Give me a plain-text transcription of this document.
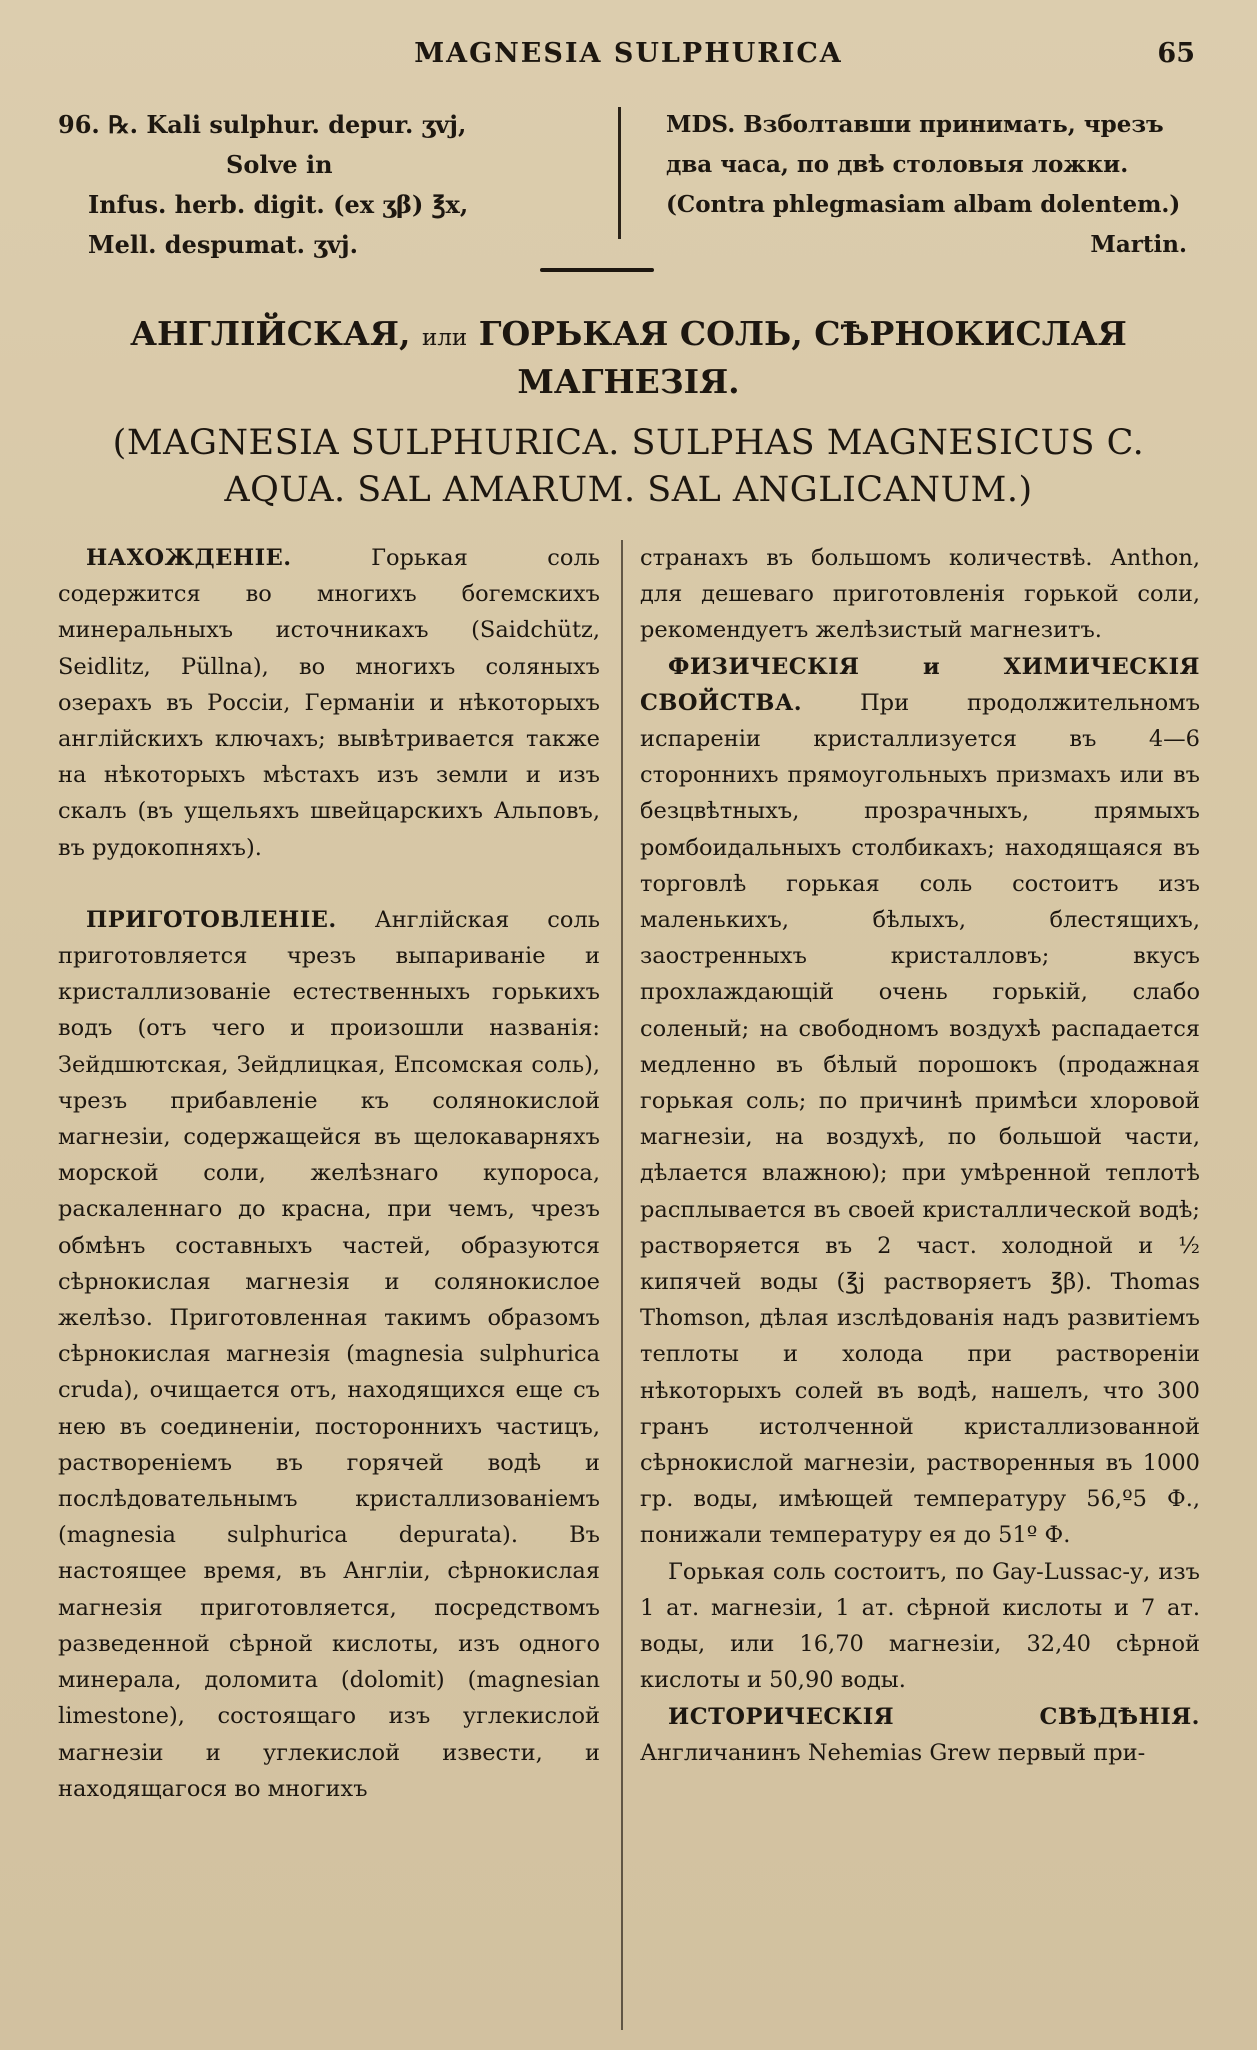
MAGNESIA SULPHURICA	65
96. ℞. Kali sulphur. depur. ʒvj,
Solve in
Infus. herb. digit. (ex ʒβ) ℥x,
Mell. despumat. ʒvj.
MDS. Взболтавши принимать, чрезъ
два часа, по двѣ столовыя ложки.
(Contra phlegmasiam albam dolentem.)
Martin.
АНГЛІЙСКАЯ, или ГОРЬКАЯ СОЛЬ, СѢРНОКИСЛАЯ МАГНЕЗІЯ.
(MAGNESIA SULPHURICA. SULPHAS MAGNESICUS C. AQUA. SAL AMARUM. SAL ANGLICANUM.)

НАХОЖДЕНІЕ.	Горькая соль содержится во многихъ богемскихъ минеральныхъ источникахъ (Saidchütz, Seidlitz, Püllna), во многихъ соляныхъ озерахъ въ Россіи, Германіи и нѣкоторыхъ англійскихъ ключахъ; вывѣтривается также на нѣкоторыхъ мѣстахъ изъ земли и изъ скалъ (въ ущельяхъ швейцарскихъ Альповъ, въ рудокопняхъ).

ПРИГОТОВЛЕНІЕ. Англійская соль приготовляется чрезъ выпариваніе и кристаллизованіе естественныхъ горькихъ водъ (отъ чего и произошли названія: Зейдшютская, Зейдлицкая, Епсомская соль), чрезъ прибавленіе къ солянокислой магнезіи, содержащейся въ щелокаварняхъ морской соли, желѣзнаго купороса, раскаленнаго до красна, при чемъ, чрезъ обмѣнъ составныхъ частей, образуются сѣрнокислая магнезія и солянокислое желѣзо. Приготовленная такимъ образомъ сѣрнокислая магнезія (magnesia sulphurica cruda), очищается отъ, находящихся еще съ нею въ соединеніи, постороннихъ частицъ, раствореніемъ въ горячей водѣ и послѣдовательнымъ кристаллизованіемъ (magnesia sulphurica depurata). Въ настоящее время, въ Англіи, сѣрнокислая магнезія приготовляется, посредствомъ разведенной сѣрной кислоты, изъ одного минерала, доломита (dolomit) (magnesian limestone), состоящаго изъ углекислой магнезіи и углекислой извести, и находящагося во многихъ

странахъ въ большомъ количествѣ. Anthon, для дешеваго приготовленія горькой соли, рекомендуетъ желѣзистый магнезитъ.

ФИЗИЧЕСКІЯ и ХИМИЧЕСКІЯ СВОЙСТВА.	При продолжительномъ испареніи кристаллизуется въ 4—6 стороннихъ прямоугольныхъ призмахъ или въ безцвѣтныхъ, прозрачныхъ, прямыхъ ромбоидальныхъ столбикахъ; находящаяся въ торговлѣ горькая соль состоитъ изъ маленькихъ, бѣлыхъ, блестящихъ, заостренныхъ кристалловъ; вкусъ прохлаждающій очень горькій, слабо соленый; на свободномъ воздухѣ распадается медленно въ бѣлый порошокъ (продажная горькая соль; по причинѣ примѣси хлоровой магнезіи, на воздухѣ, по большой части, дѣлается влажною); при умѣренной теплотѣ расплывается въ своей кристаллической водѣ; растворяется въ 2 част. холодной и ½ кипячей воды (℥j растворяетъ ℥β). Thomas Thomson, дѣлая изслѣдованія надъ развитіемъ теплоты и холода при раствореніи нѣкоторыхъ солей въ водѣ, нашелъ, что 300 гранъ истолченной кристаллизованной сѣрнокислой магнезіи, растворенныя въ 1000 гр. воды, имѣющей температуру 56,º5 Ф., понижали температуру ея до 51º Ф.

Горькая соль состоитъ, по Gay-Lussac-у, изъ 1 ат. магнезіи, 1 ат. сѣрной кислоты и 7 ат. воды, или 16,70 магнезіи, 32,40 сѣрной кислоты и 50,90 воды.

ИСТОРИЧЕСКІЯ СВѢДѢНІЯ. Англичанинъ Nehemias Grew первый при-
